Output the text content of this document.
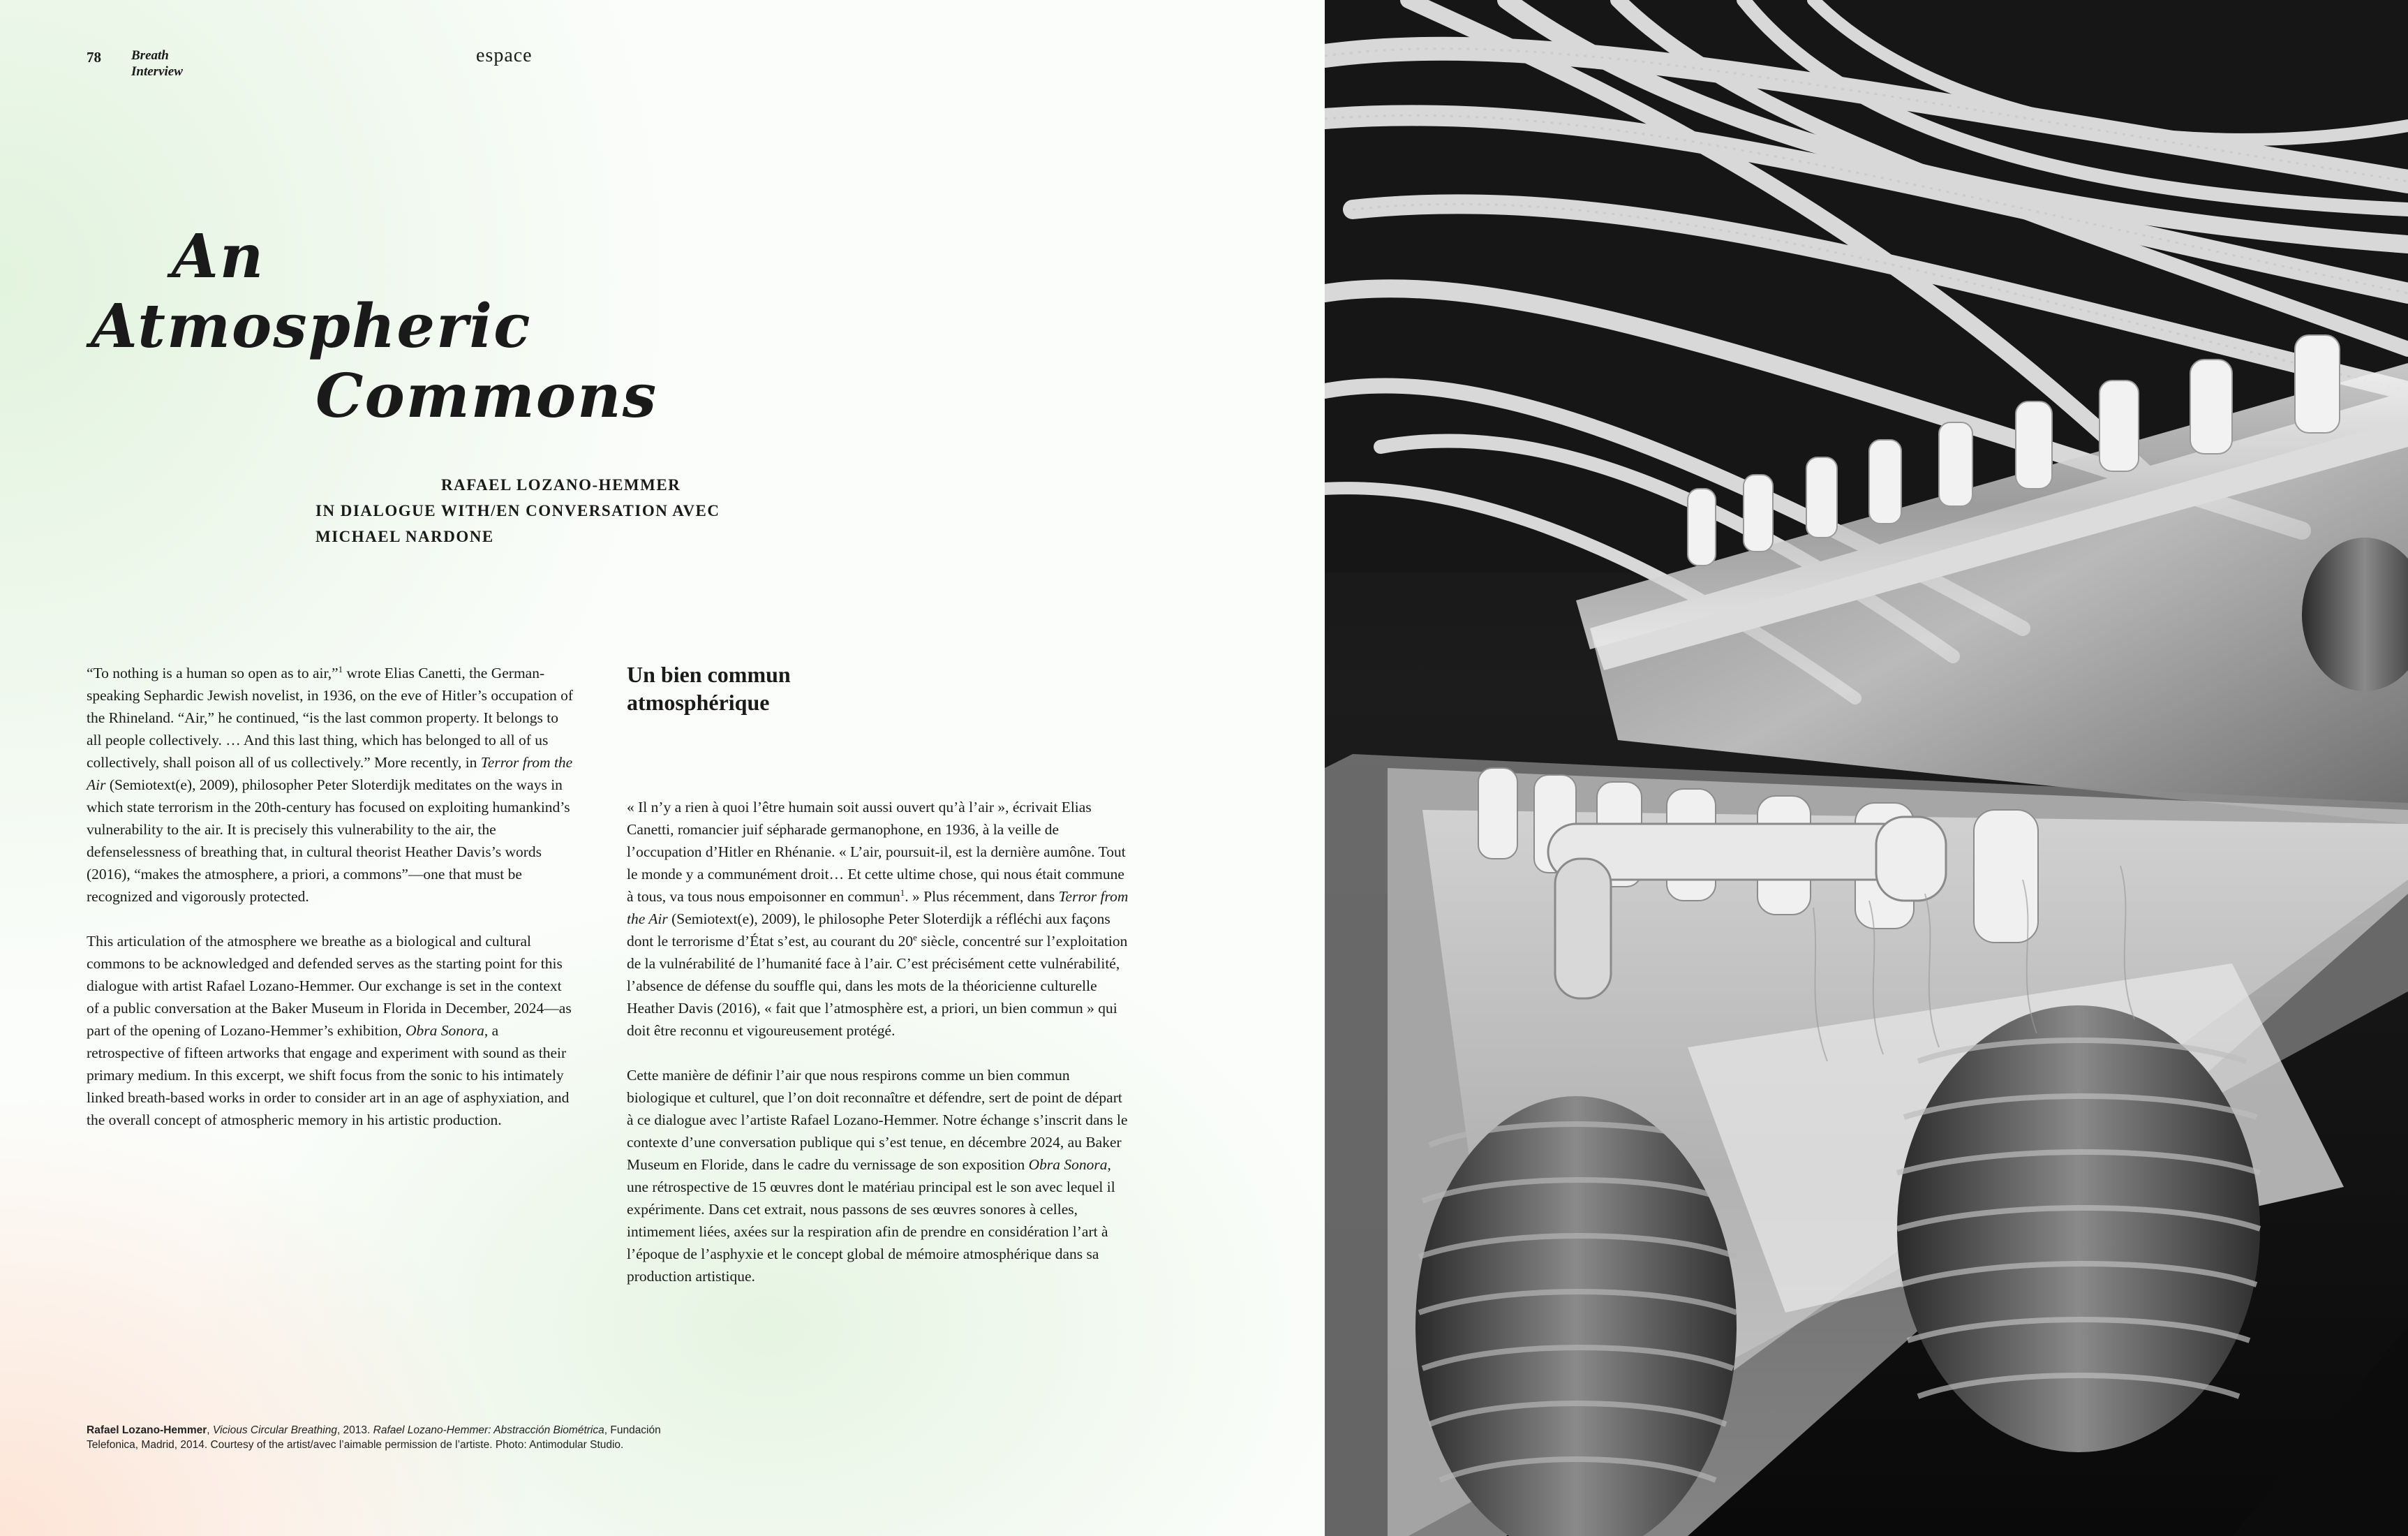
78 Breath
Interview
espace
An
Atmospheric
Commons
RAFAEL LOZANO-HEMMER
IN DIALOGUE WITH/EN CONVERSATION AVEC
MICHAEL NARDONE

“To nothing is a human so open as to air,”$^1$ wrote Elias Canetti, the German-speaking Sephardic Jewish novelist, in 1936, on the eve of Hitler’s occupation of the Rhineland. “Air,” he continued, “is the last common property. It belongs to all people collectively. … And this last thing, which has belonged to all of us collectively, shall poison all of us collectively.” More recently, in Terror from the Air (Semiotext(e), 2009), philosopher Peter Sloterdijk meditates on the ways in which state terrorism in the 20th-century has focused on exploiting humankind’s vulnerability to the air. It is precisely this vulnerability to the air, the defenselessness of breathing that, in cultural theorist Heather Davis’s words (2016), “makes the atmosphere, a priori, a commons”—one that must be recognized and vigorously protected.

This articulation of the atmosphere we breathe as a biological and cultural commons to be acknowledged and defended serves as the starting point for this dialogue with artist Rafael Lozano-Hemmer. Our exchange is set in the context of a public conversation at the Baker Museum in Florida in December, 2024—as part of the opening of Lozano-Hemmer’s exhibition, Obra Sonora, a retrospective of fifteen artworks that engage and experiment with sound as their primary medium. In this excerpt, we shift focus from the sonic to his intimately linked breath-based works in order to consider art in an age of asphyxiation, and the overall concept of atmospheric memory in his artistic production.

Un bien commun
atmosphérique

« Il n’y a rien à quoi l’être humain soit aussi ouvert qu’à l’air », écrivait Elias Canetti, romancier juif sépharade germanophone, en 1936, à la veille de l’occupation d’Hitler en Rhénanie. « L’air, poursuit-il, est la dernière aumône. Tout le monde y a communément droit… Et cette ultime chose, qui nous était commune à tous, va tous nous empoisonner en commun$^1$. » Plus récemment, dans Terror from the Air (Semiotext(e), 2009), le philosophe Peter Sloterdijk a réfléchi aux façons dont le terrorisme d’État s’est, au courant du 20e siècle, concentré sur l’exploitation de la vulnérabilité de l’humanité face à l’air. C’est précisément cette vulnérabilité, l’absence de défense du souffle qui, dans les mots de la théoricienne culturelle Heather Davis (2016), « fait que l’atmosphère est, a priori, un bien commun » qui doit être reconnu et vigoureusement protégé.

Cette manière de définir l’air que nous respirons comme un bien commun biologique et culturel, que l’on doit reconnaître et défendre, sert de point de départ à ce dialogue avec l’artiste Rafael Lozano-Hemmer. Notre échange s’inscrit dans le contexte d’une conversation publique qui s’est tenue, en décembre 2024, au Baker Museum en Floride, dans le cadre du vernissage de son exposition Obra Sonora, une rétrospective de 15 œuvres dont le matériau principal est le son avec lequel il expérimente. Dans cet extrait, nous passons de ses œuvres sonores à celles, intimement liées, axées sur la respiration afin de prendre en considération l’art à l’époque de l’asphyxie et le concept global de mémoire atmosphérique dans sa production artistique.

Rafael Lozano-Hemmer, Vicious Circular Breathing, 2013. Rafael Lozano-Hemmer: Abstracción Biométrica, Fundación Telefonica, Madrid, 2014. Courtesy of the artist/avec l’aimable permission de l’artiste. Photo: Antimodular Studio.
